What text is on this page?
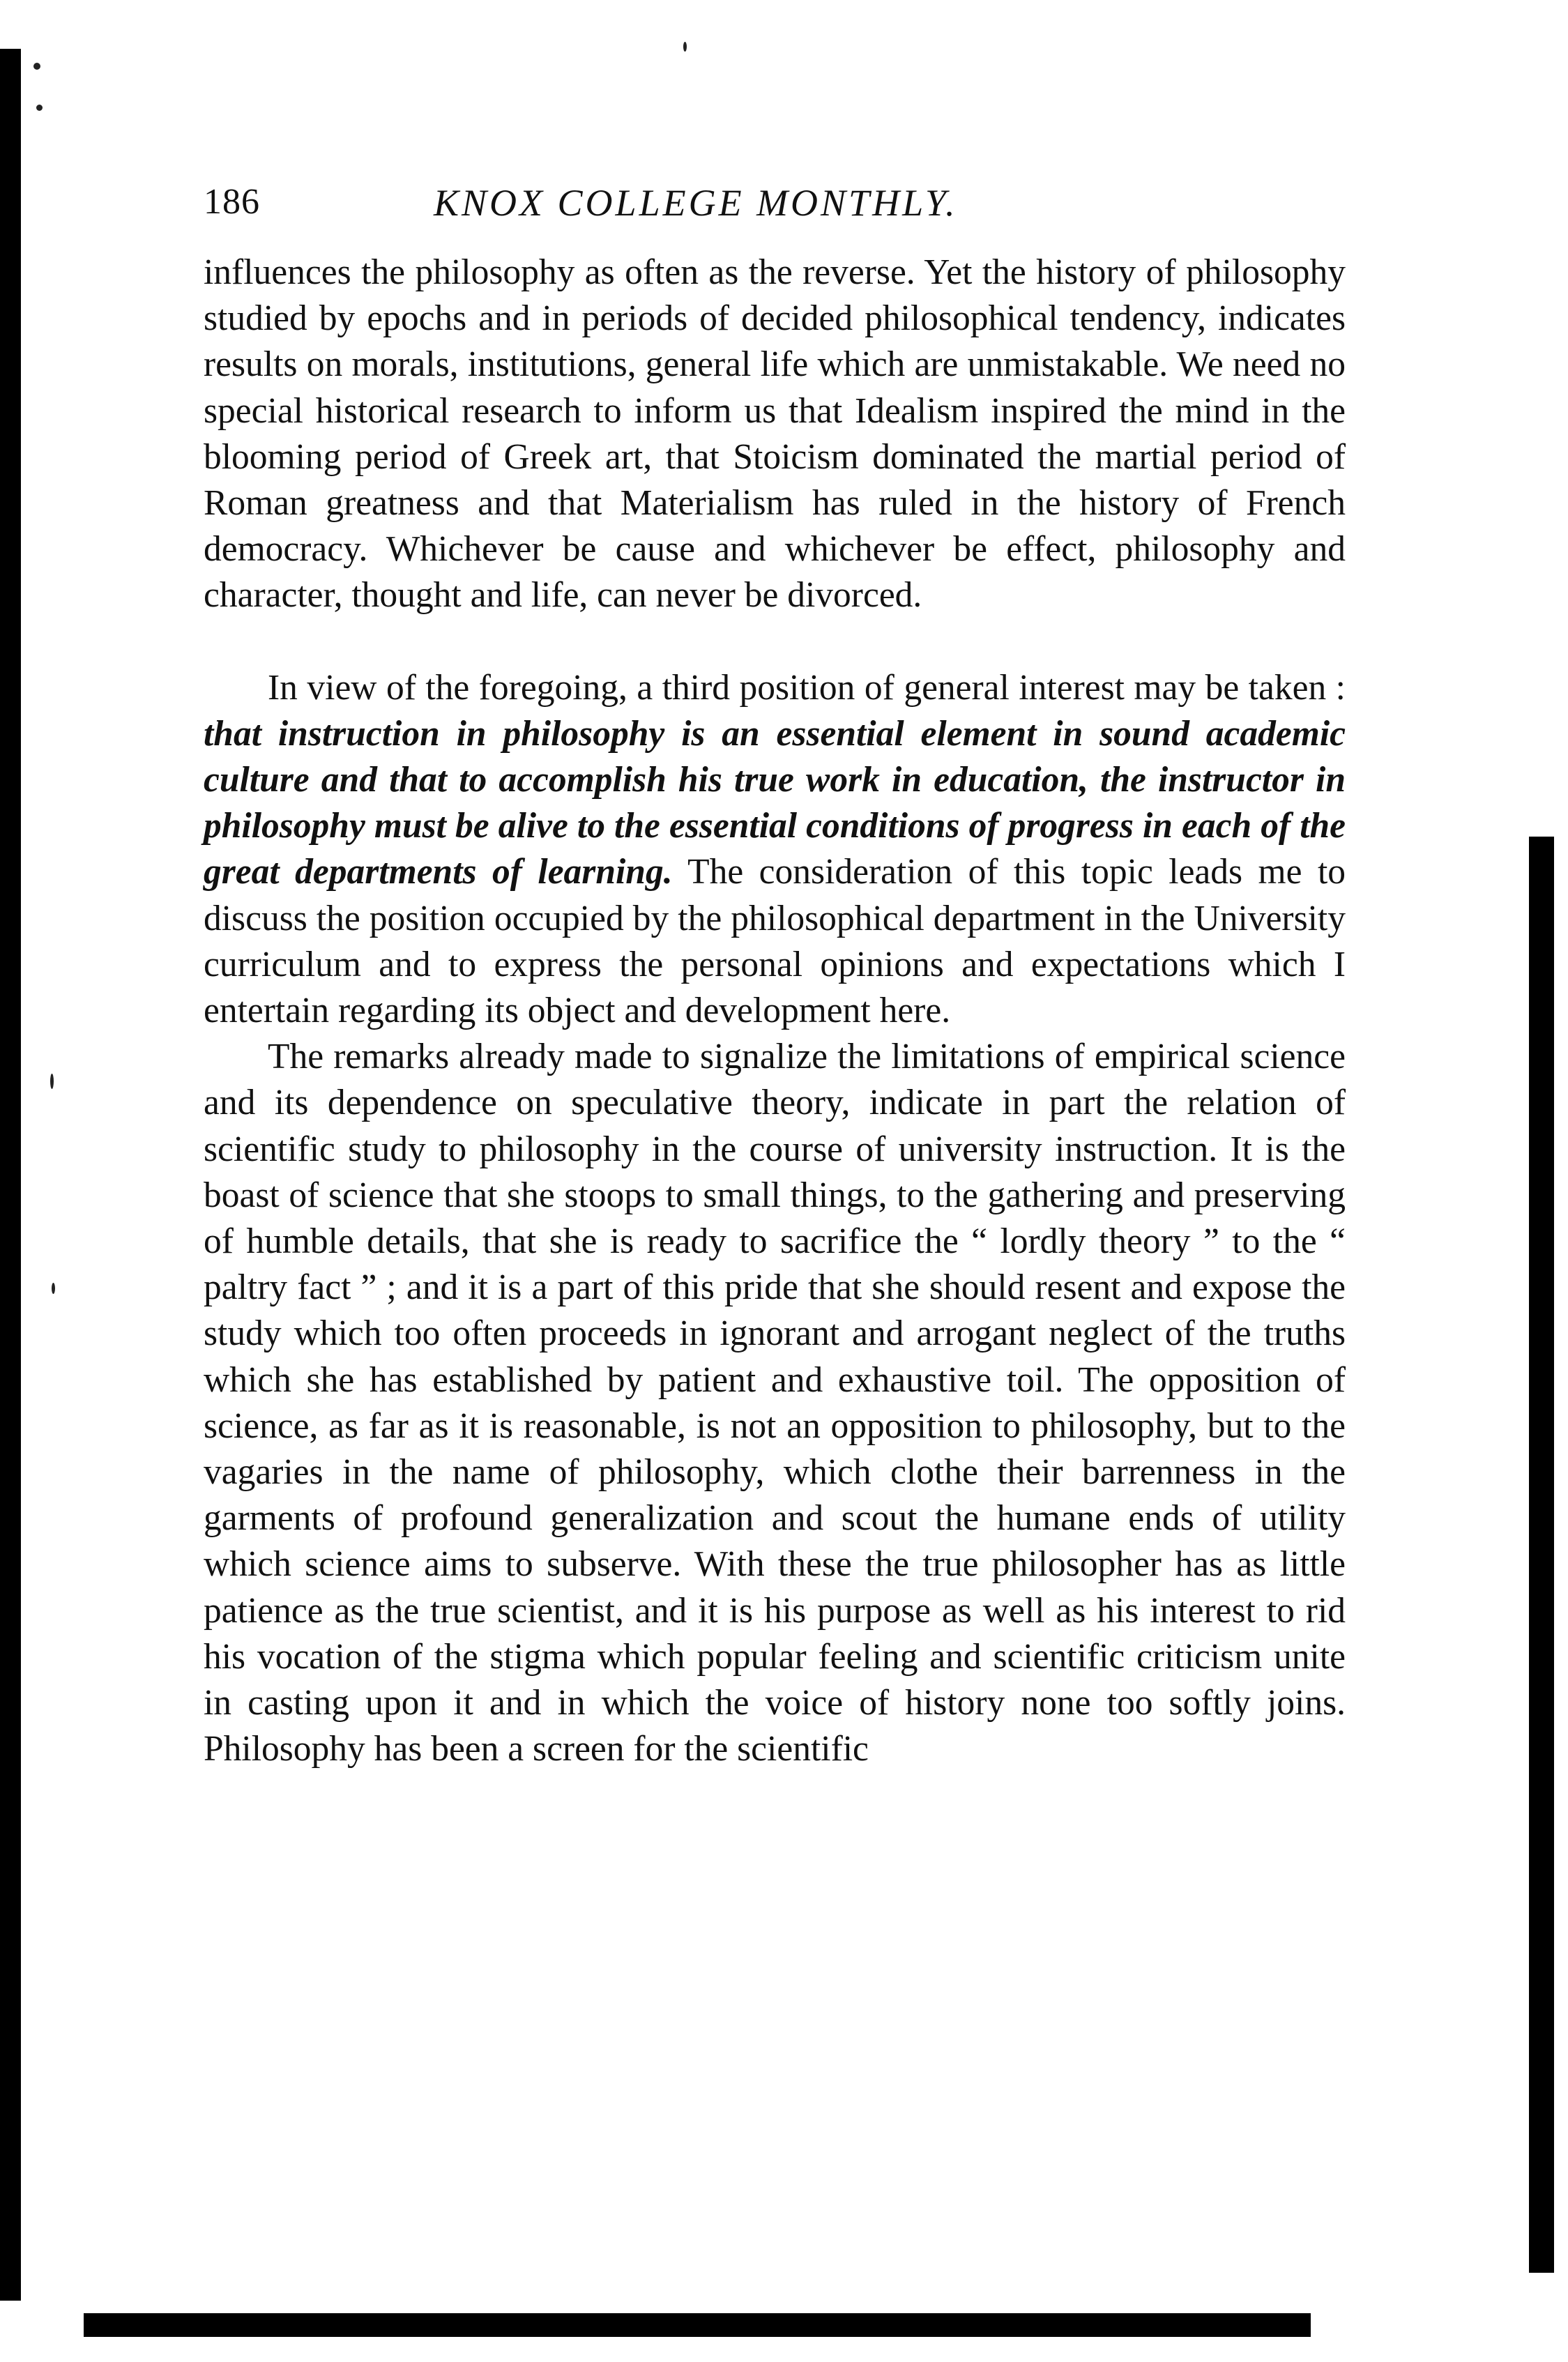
186	KNOX COLLEGE MONTHLY.

influences the philosophy as often as the reverse. Yet the history of philosophy studied by epochs and in periods of decided philosophical tendency, indicates results on morals, institutions, general life which are unmistakable. We need no special historical research to inform us that Idealism inspired the mind in the blooming period of Greek art, that Stoicism dominated the martial period of Roman greatness and that Materialism has ruled in the history of French democracy. Whichever be cause and whichever be effect, philosophy and character, thought and life, can never be divorced.

In view of the foregoing, a third position of general interest may be taken : that instruction in philosophy is an essential element in sound academic culture and that to accomplish his true work in education, the instructor in philosophy must be alive to the essential conditions of progress in each of the great departments of learning. The consideration of this topic leads me to discuss the position occupied by the philosophical department in the University curriculum and to express the personal opinions and expectations which I entertain regarding its object and development here.

The remarks already made to signalize the limitations of empirical science and its dependence on speculative theory, indicate in part the relation of scientific study to philosophy in the course of university instruction. It is the boast of science that she stoops to small things, to the gathering and preserving of humble details, that she is ready to sacrifice the “ lordly theory ” to the “ paltry fact ” ; and it is a part of this pride that she should resent and expose the study which too often proceeds in ignorant and arrogant neglect of the truths which she has established by patient and exhaustive toil. The opposition of science, as far as it is reasonable, is not an opposition to philosophy, but to the vagaries in the name of philosophy, which clothe their barrenness in the garments of profound generalization and scout the humane ends of utility which science aims to subserve. With these the true philosopher has as little patience as the true scientist, and it is his purpose as well as his interest to rid his vocation of the stigma which popular feeling and scientific criticism unite in casting upon it and in which the voice of history none too softly joins. Philosophy has been a screen for the scientific
